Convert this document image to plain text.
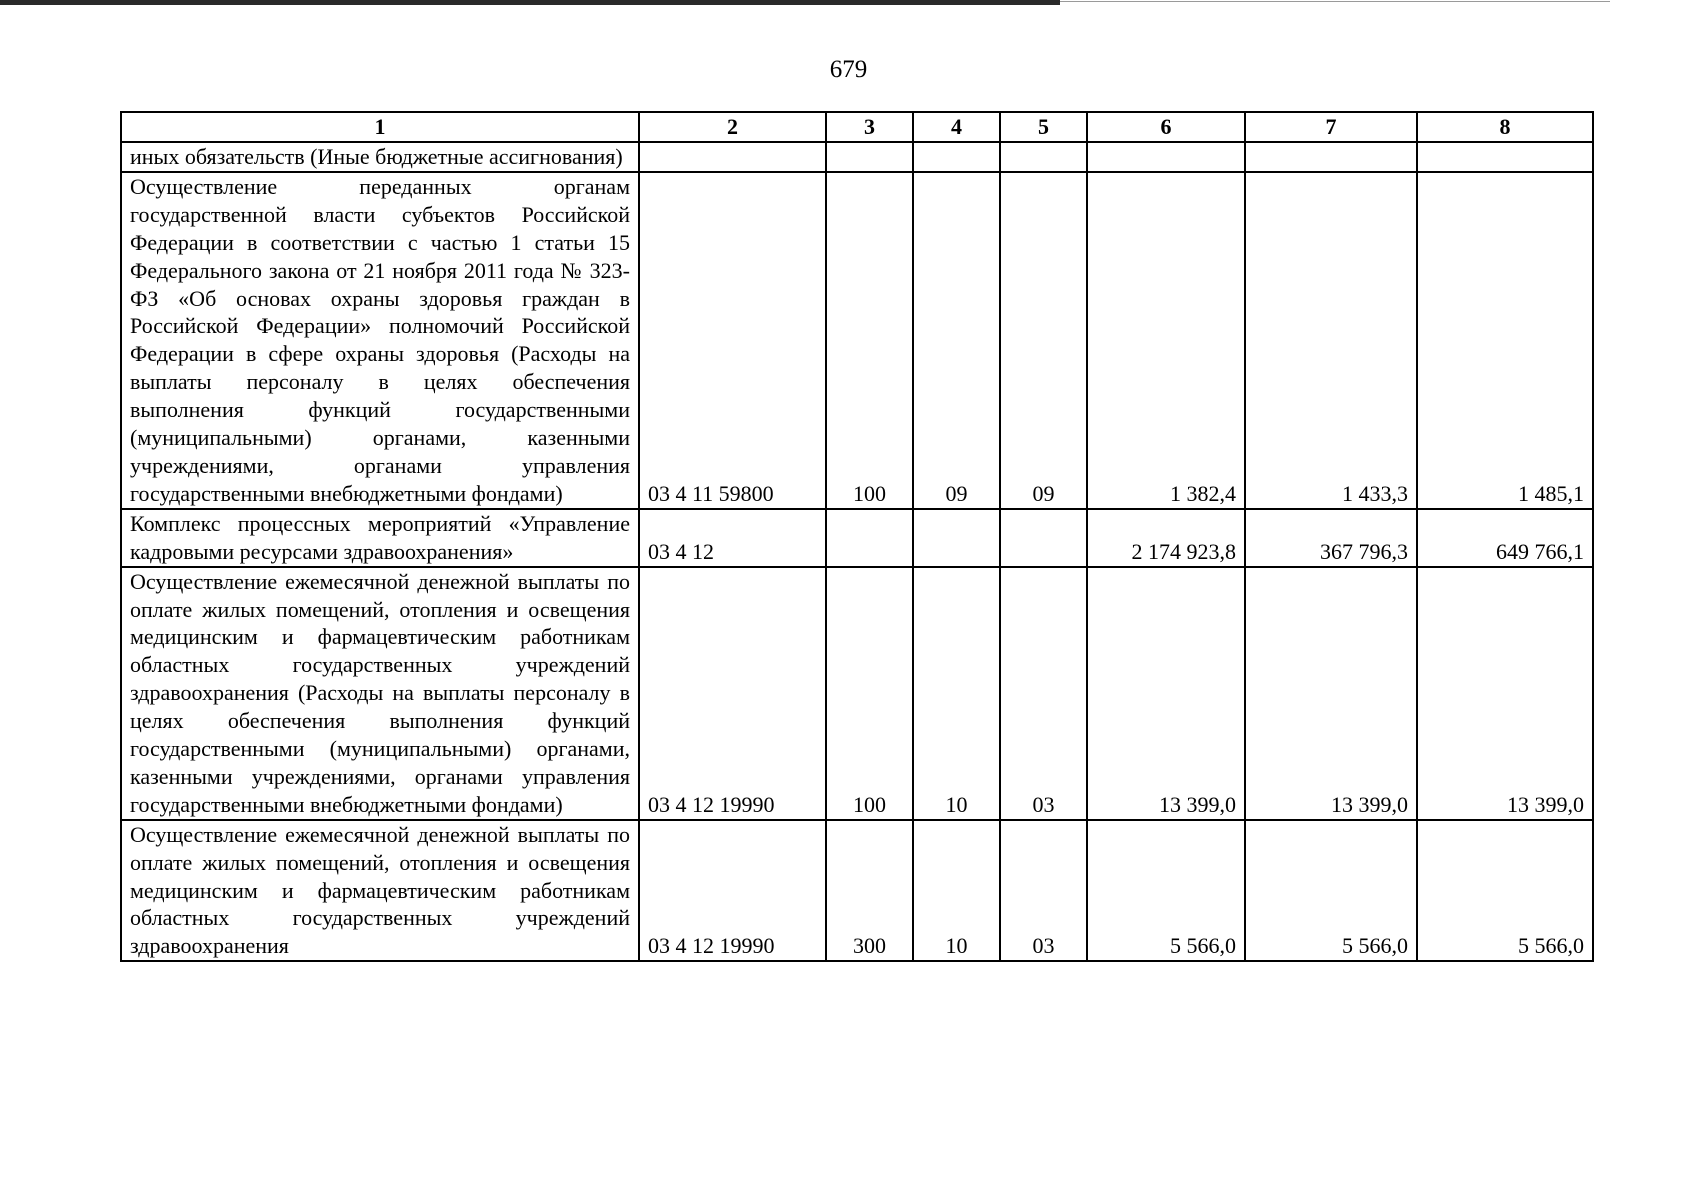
679
1	2	3	4	5	6	7	8
иных обязательств (Иные бюджетные ассигнования)							
Осуществление переданных органам государственной власти субъектов Российской Федерации в соответствии с частью 1 статьи 15 Федерального закона от 21 ноября 2011 года № 323-ФЗ «Об основах охраны здоровья граждан в Российской Федерации» полномочий Российской Федерации в сфере охраны здоровья (Расходы на выплаты персоналу в целях обеспечения выполнения функций государственными (муниципальными) органами, казенными учреждениями, органами управления государственными внебюджетными фондами)	03 4 11 59800	100	09	09	1 382,4	1 433,3	1 485,1
Комплекс процессных мероприятий «Управление кадровыми ресурсами здравоохранения»	03 4 12				2 174 923,8	367 796,3	649 766,1
Осуществление ежемесячной денежной выплаты по оплате жилых помещений, отопления и освещения медицинским и фармацевтическим работникам областных государственных учреждений здравоохранения (Расходы на выплаты персоналу в целях обеспечения выполнения функций государственными (муниципальными) органами, казенными учреждениями, органами управления государственными внебюджетными фондами)	03 4 12 19990	100	10	03	13 399,0	13 399,0	13 399,0
Осуществление ежемесячной денежной выплаты по оплате жилых помещений, отопления и освещения медицинским и фармацевтическим работникам областных государственных учреждений здравоохранения	03 4 12 19990	300	10	03	5 566,0	5 566,0	5 566,0
